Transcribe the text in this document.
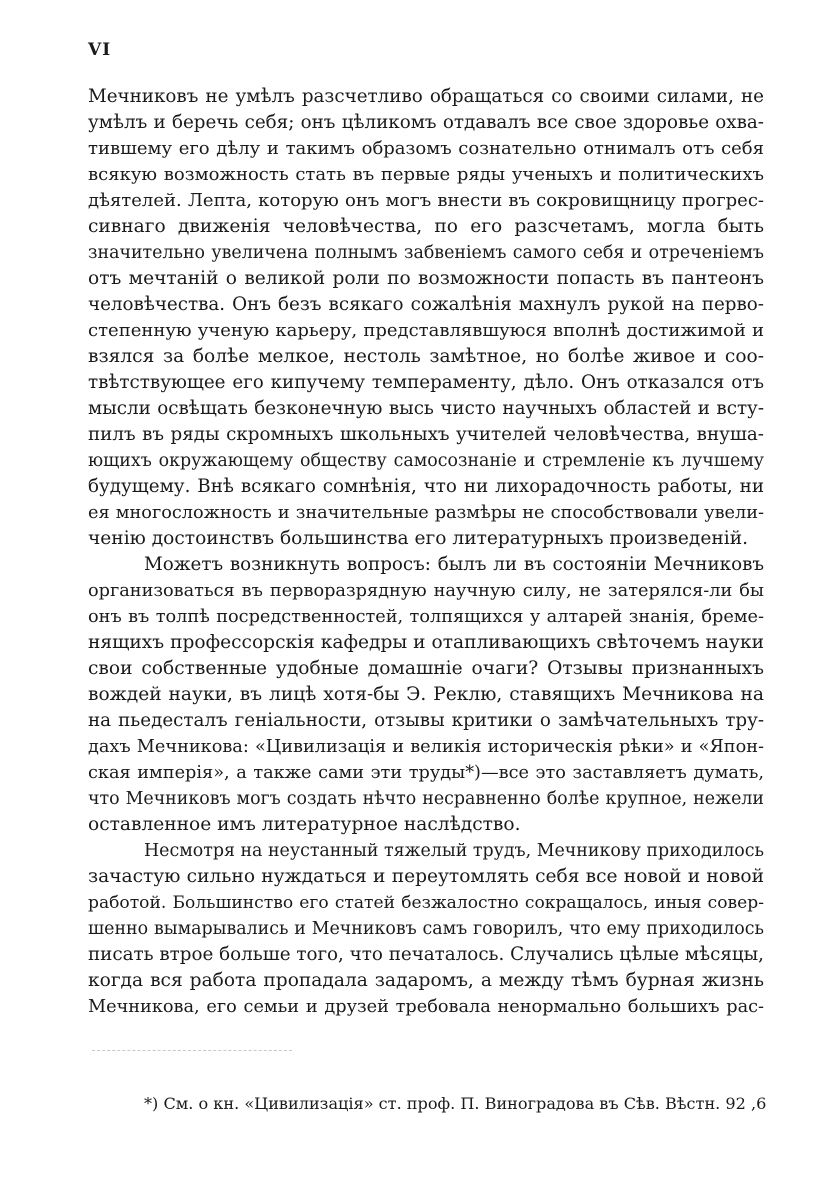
VI
Мечниковъ не умѣлъ разсчетливо обращаться со своими силами, не
умѣлъ и беречь себя; онъ цѣликомъ отдавалъ все свое здоровье охва-
тившему его дѣлу и такимъ образомъ сознательно отнималъ отъ себя
всякую возможность стать въ первые ряды ученыхъ и политическихъ
дѣятелей. Лепта, которую онъ могъ внести въ сокровищницу прогрес-
сивнаго движенія человѣчества, по его разсчетамъ, могла быть
значительно увеличена полнымъ забвеніемъ самого себя и отреченіемъ
отъ мечтаній о великой роли по возможности попасть въ пантеонъ
человѣчества. Онъ безъ всякаго сожалѣнія махнулъ рукой на перво-
степенную ученую карьеру, представлявшуюся вполнѣ достижимой и
взялся за болѣе мелкое, нестоль замѣтное, но болѣе живое и соо-
твѣтствующее его кипучему темпераменту, дѣло. Онъ отказался отъ
мысли освѣщать безконечную высь чисто научныхъ областей и всту-
пилъ въ ряды скромныхъ школьныхъ учителей человѣчества, внуша-
ющихъ окружающему обществу самосознаніе и стремленіе къ лучшему
будущему. Внѣ всякаго сомнѣнія, что ни лихорадочность работы, ни
ея многосложность и значительные размѣры не способствовали увели-
ченію достоинствъ большинства его литературныхъ произведеній.
Можетъ возникнуть вопросъ: былъ ли въ состояніи Мечниковъ
организоваться въ перворазрядную научную силу, не затерялся-ли бы
онъ въ толпѣ посредственностей, толпящихся у алтарей знанія, бреме-
нящихъ профессорскія кафедры и отапливающихъ свѣточемъ науки
свои собственные удобные домашніе очаги? Отзывы признанныхъ
вождей науки, въ лицѣ хотя-бы Э. Реклю, ставящихъ Мечникова на
на пьедесталъ геніальности, отзывы критики о замѣчательныхъ тру-
дахъ Мечникова: «Цивилизація и великія историческія рѣки» и «Япон-
ская имперія», а также сами эти труды*)—все это заставляетъ думать,
что Мечниковъ могъ создать нѣчто несравненно болѣе крупное, нежели
оставленное имъ литературное наслѣдство.
Несмотря на неустанный тяжелый трудъ, Мечникову приходилось
зачастую сильно нуждаться и переутомлять себя все новой и новой
работой. Большинство его статей безжалостно сокращалось, иныя совер-
шенно вымарывались и Мечниковъ самъ говорилъ, что ему приходилось
писать втрое больше того, что печаталось. Случались цѣлые мѣсяцы,
когда вся работа пропадала задаромъ, а между тѣмъ бурная жизнь
Мечникова, его семьи и друзей требовала ненормально большихъ рас-
*) См. о кн. «Цивилизація» ст. проф. П. Виноградова въ Сѣв. Вѣстн. 92 ,6
